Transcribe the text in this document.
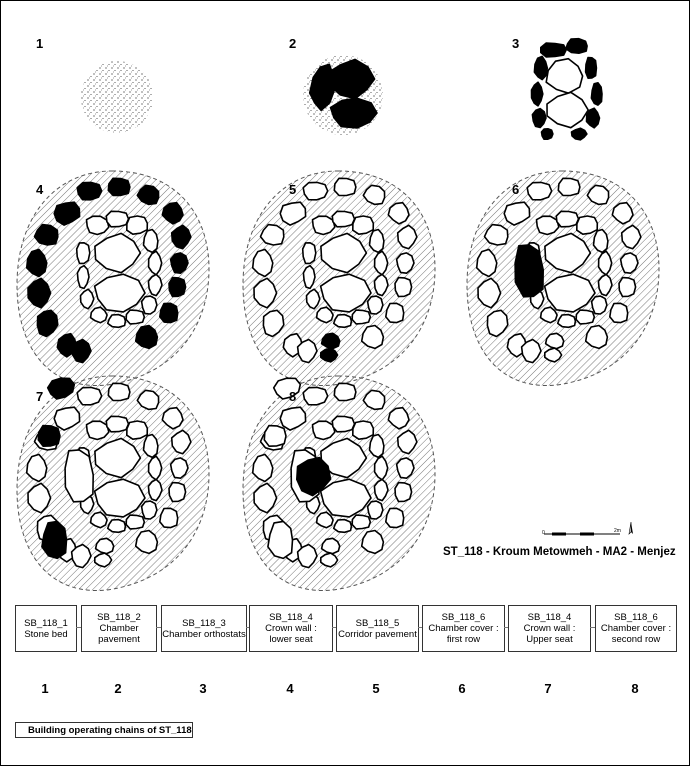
1	2	3
4	5	6
7	8
0	2m
ST_118 - Kroum Metowmeh - MA2 - Menjez
SB_118_1
Stone bed
SB_118_2
Chamber pavement
SB_118_3
Chamber orthostats
SB_118_4
Crown wall :
lower seat
SB_118_5
Corridor pavement
SB_118_6
Chamber cover :
first row
SB_118_4
Crown wall :
Upper seat
SB_118_6
Chamber cover :
second row
1	2	3	4	5	6	7	8
Building operating chains of ST_118
